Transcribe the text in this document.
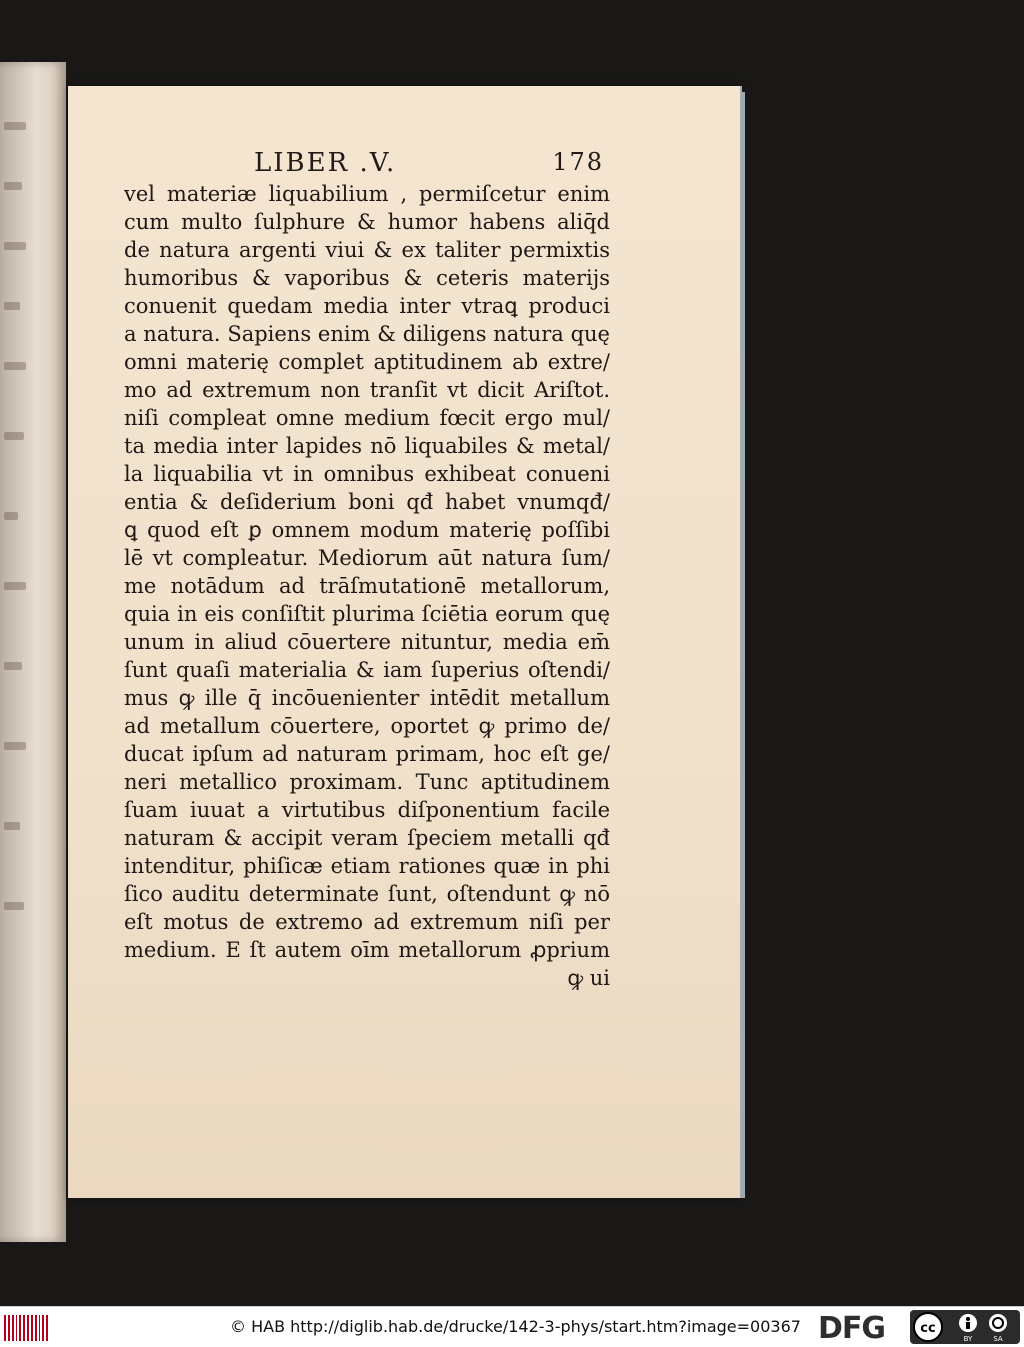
LIBER .V.	178
vel materiæ liquabilium , permiſcetur enim
cum multo ſulphure & humor habens aliq̄d
de natura argenti viui & ex taliter permixtis
humoribus & vaporibus & ceteris materijs
conuenit quedam media inter vtraꝗ produci
a natura. Sapiens enim & diligens natura quę
omni materię complet aptitudinem ab extre/
mo ad extremum non tranſit vt dicit Ariſtot.
niſi compleat omne medium fœcit ergo mul/
ta media inter lapides nō liquabiles & metal/
la liquabilia vt in omnibus exhibeat conueni
entia & deſiderium boni qđ habet vnumqđ/
ꝗ quod eſt ꝑ omnem modum materię poſſibi
lē vt compleatur. Mediorum aūt natura ſum/
me notādum ad trāſmutationē metallorum,
quia in eis conſiſtit plurima ſciētia eorum quę
unum in aliud cōuertere nituntur, media em̄
ſunt quaſi materialia & iam ſuperius oſtendi/
mus ꝙ ille q̄ incōuenienter intēdit metallum
ad metallum cōuertere, oportet ꝙ primo de/
ducat ipſum ad naturam primam, hoc eſt ge/
neri metallico proximam. Tunc aptitudinem
ſuam iuuat a virtutibus diſponentium facile
naturam & accipit veram ſpeciem metalli qđ
intenditur, phiſicæ etiam rationes quæ in phi
ſico auditu determinate ſunt, oſtendunt ꝙ nō
eſt motus de extremo ad extremum niſi per
medium. E ſt autem oīm metallorum ꝓprium
ꝙ ui
© HAB http://diglib.hab.de/drucke/142-3-phys/start.htm?image=00367 DFG	cc
BY	SA
